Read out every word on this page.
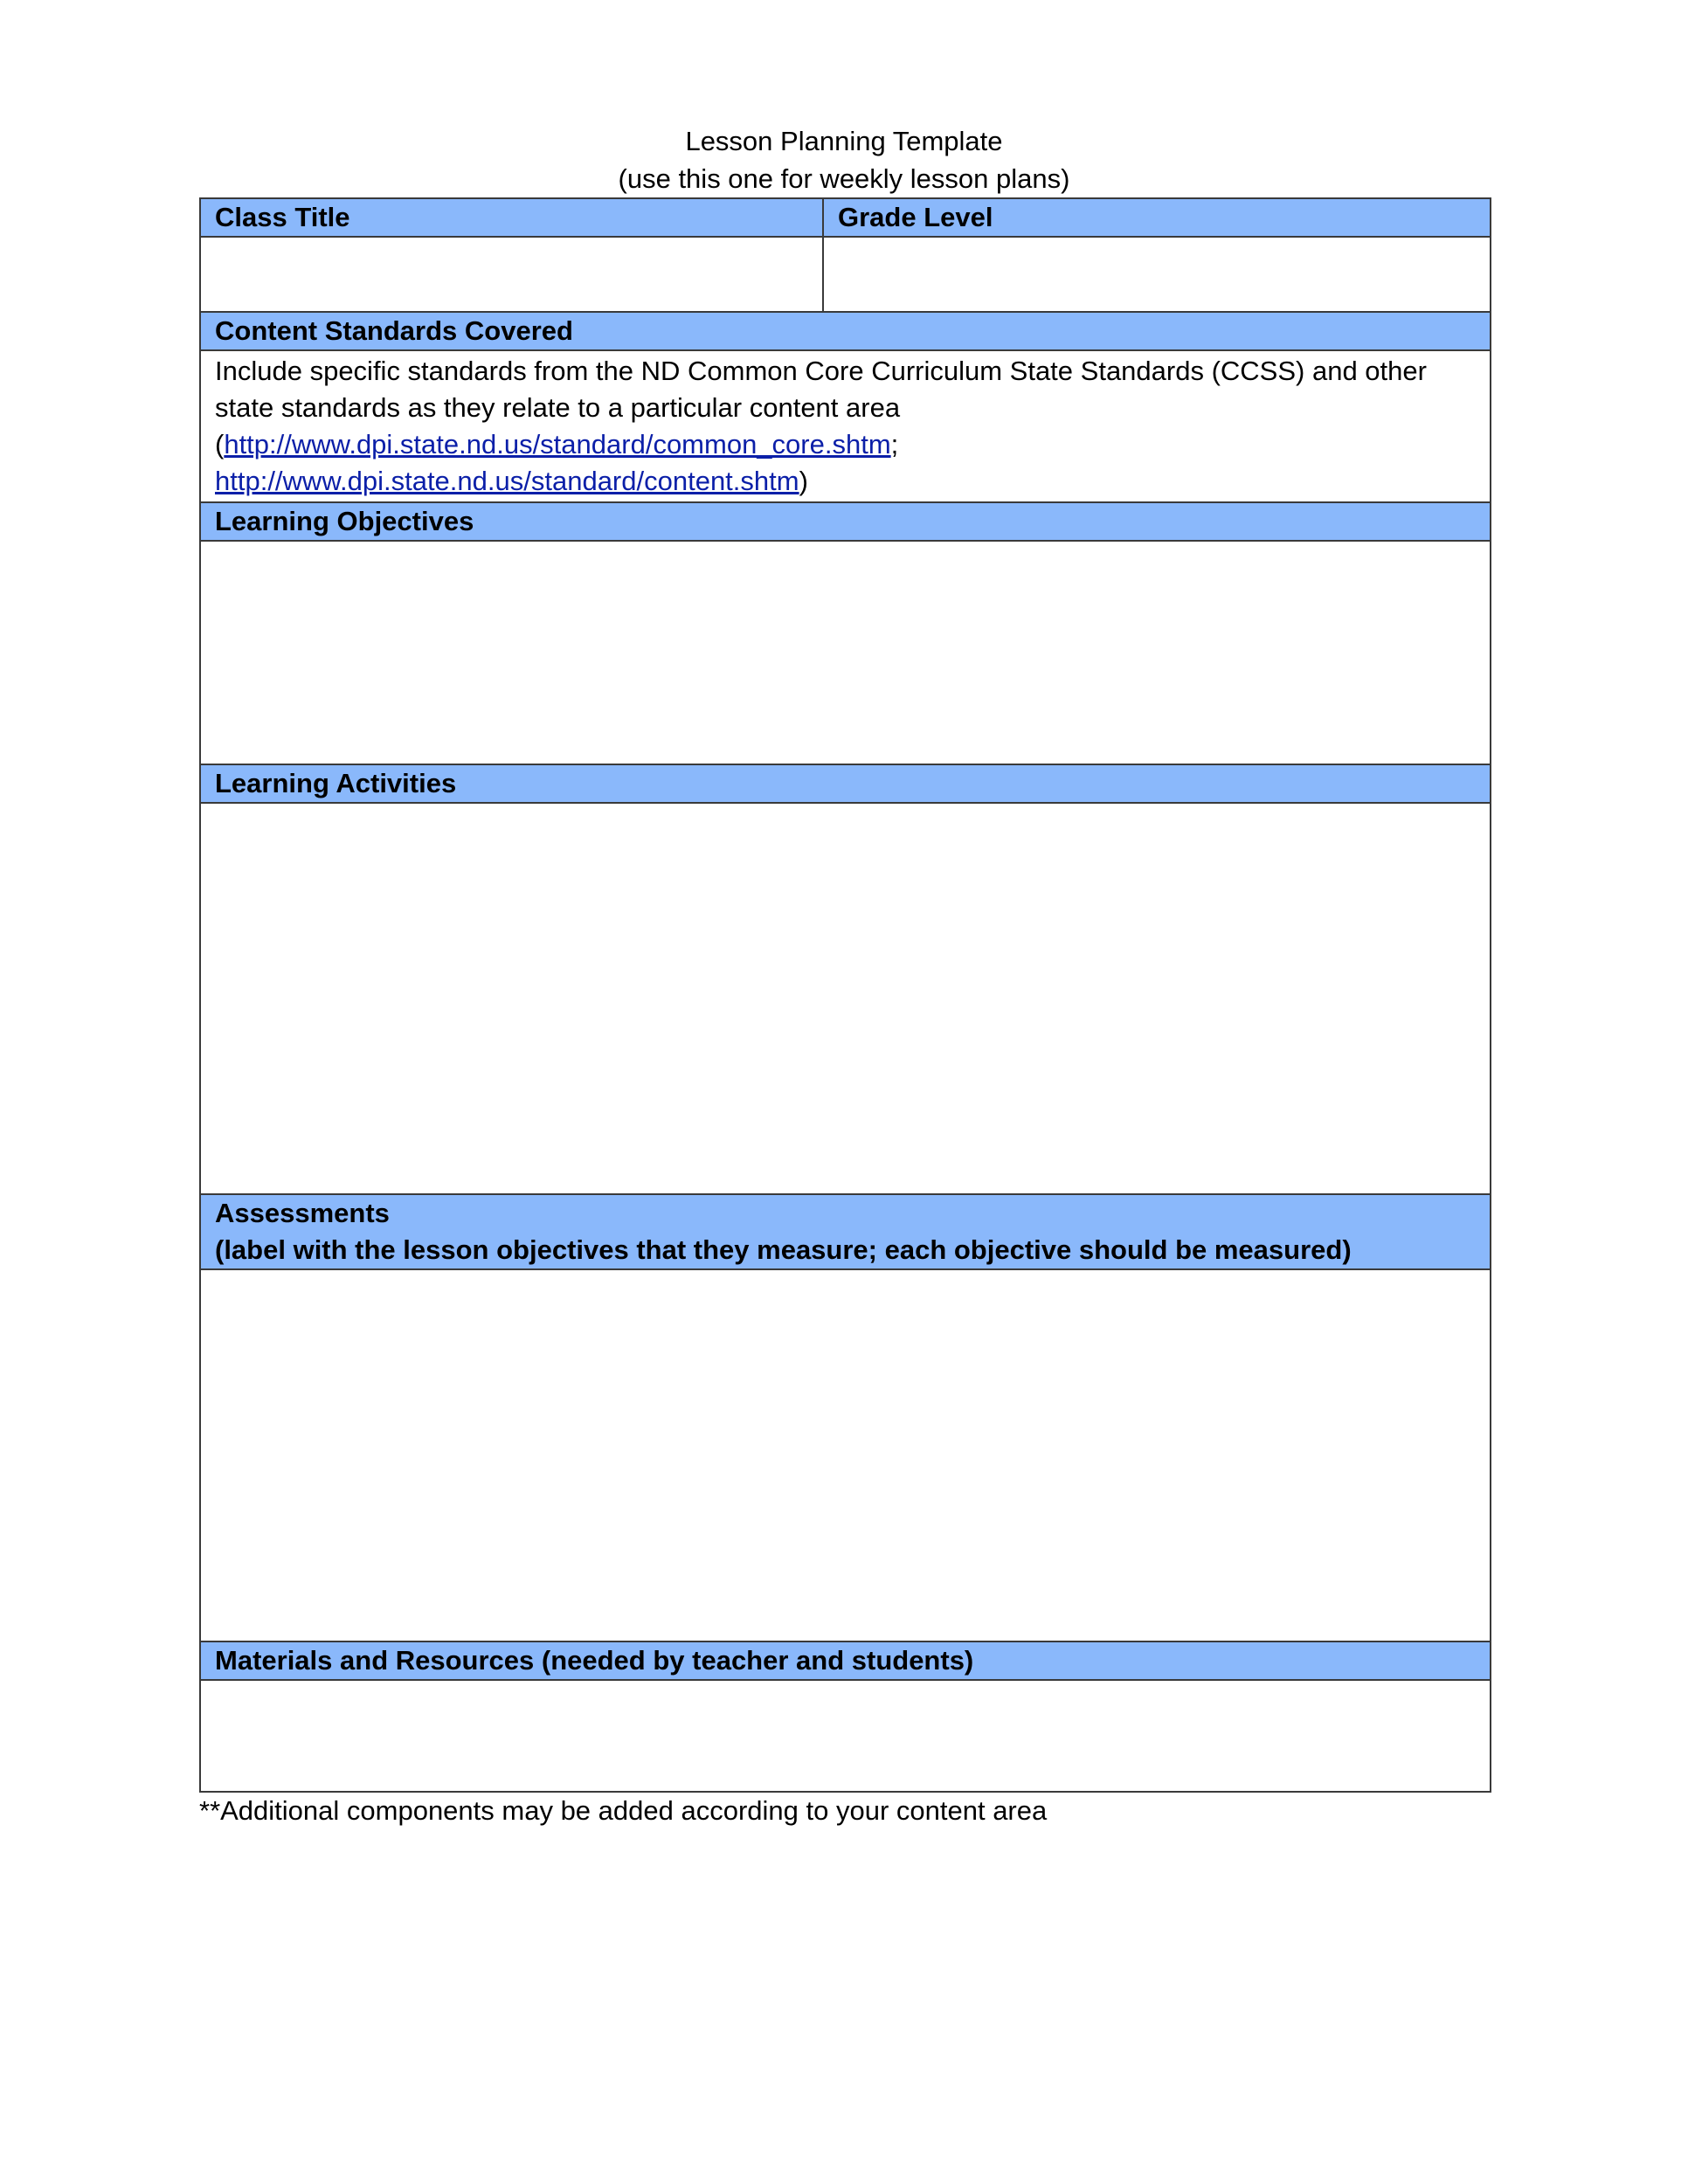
Lesson Planning Template
(use this one for weekly lesson plans)
Class Title	Grade Level

Content Standards Covered	

Include specific standards from the ND Common Core Curriculum State Standards (CCSS) and other
state standards as they relate to a particular content area
(http://www.dpi.state.nd.us/standard/common_core.shtm;
http://www.dpi.state.nd.us/standard/content.shtm)	

Learning Objectives	

Learning Activities	

Assessments
(label with the lesson objectives that they measure; each objective should be measured)	

Materials and Resources (needed by teacher and students)	

**Additional components may be added according to your content area
